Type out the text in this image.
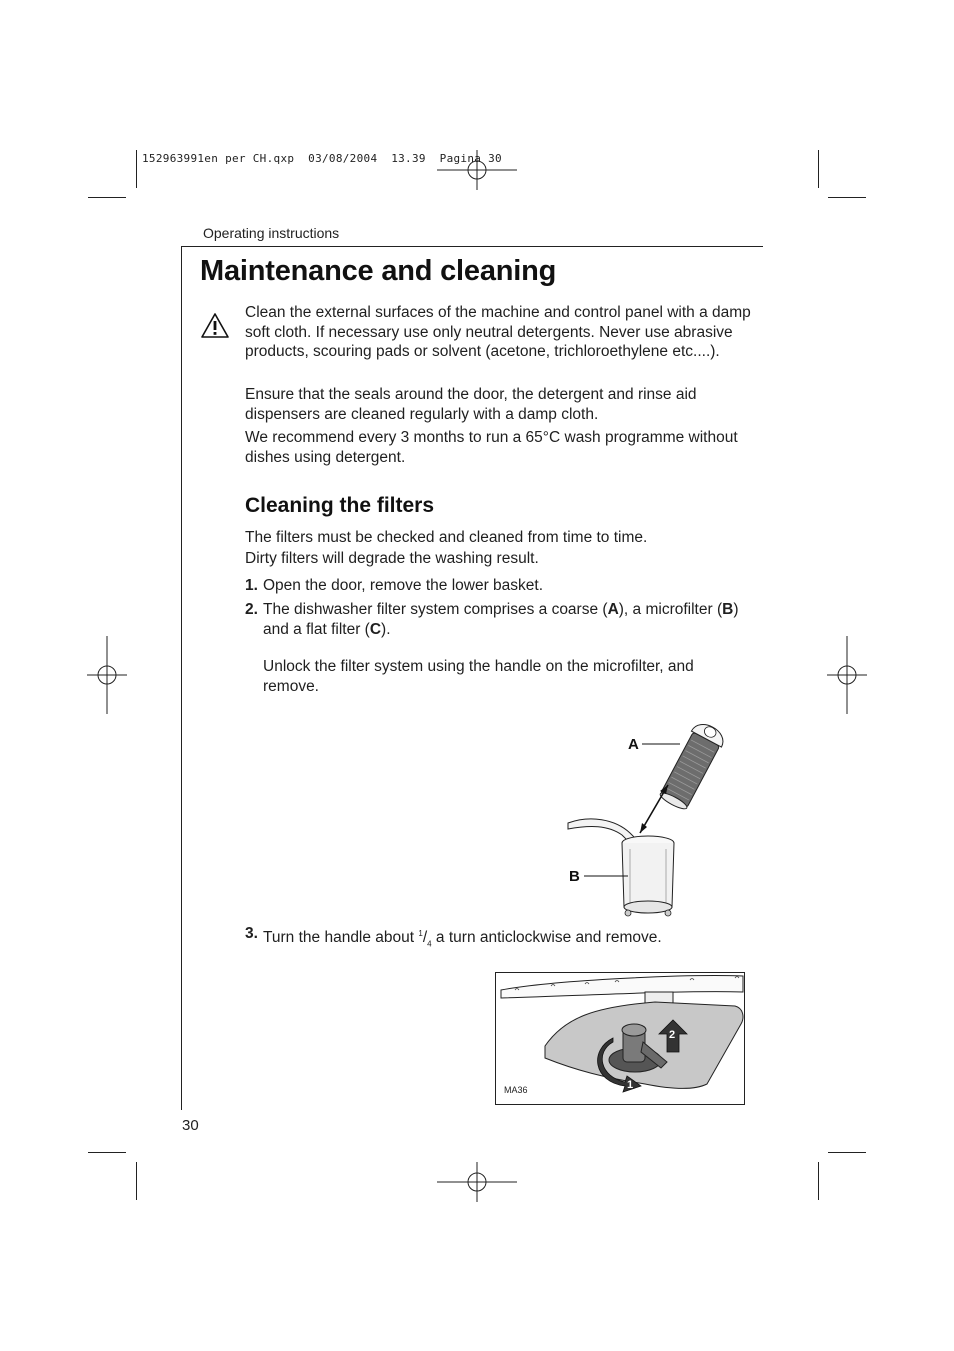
152963991en per CH.qxp  03/08/2004  13.39  Pagina 30
Operating instructions
Maintenance and cleaning
Clean the external surfaces of the machine and control panel with a damp soft cloth. If necessary use only neutral detergents. Never use abrasive products, scouring pads or solvent (acetone, trichloroethylene etc....).
Ensure that the seals around the door, the detergent and rinse aid dispensers are cleaned regularly with a damp cloth.
We recommend every 3 months to run a 65°C wash programme without dishes using detergent.
Cleaning the filters
The filters must be checked and cleaned from time to time.
Dirty filters will degrade the washing result.
1. Open the door, remove the lower basket.
2. The dishwasher filter system comprises a coarse (A), a microfilter (B) and a flat filter (C).
Unlock the filter system using the handle on the microfilter, and remove.
A
B
3. Turn the handle about $^1/_4$ a turn anticlockwise and remove.
1
2
MA36
30
